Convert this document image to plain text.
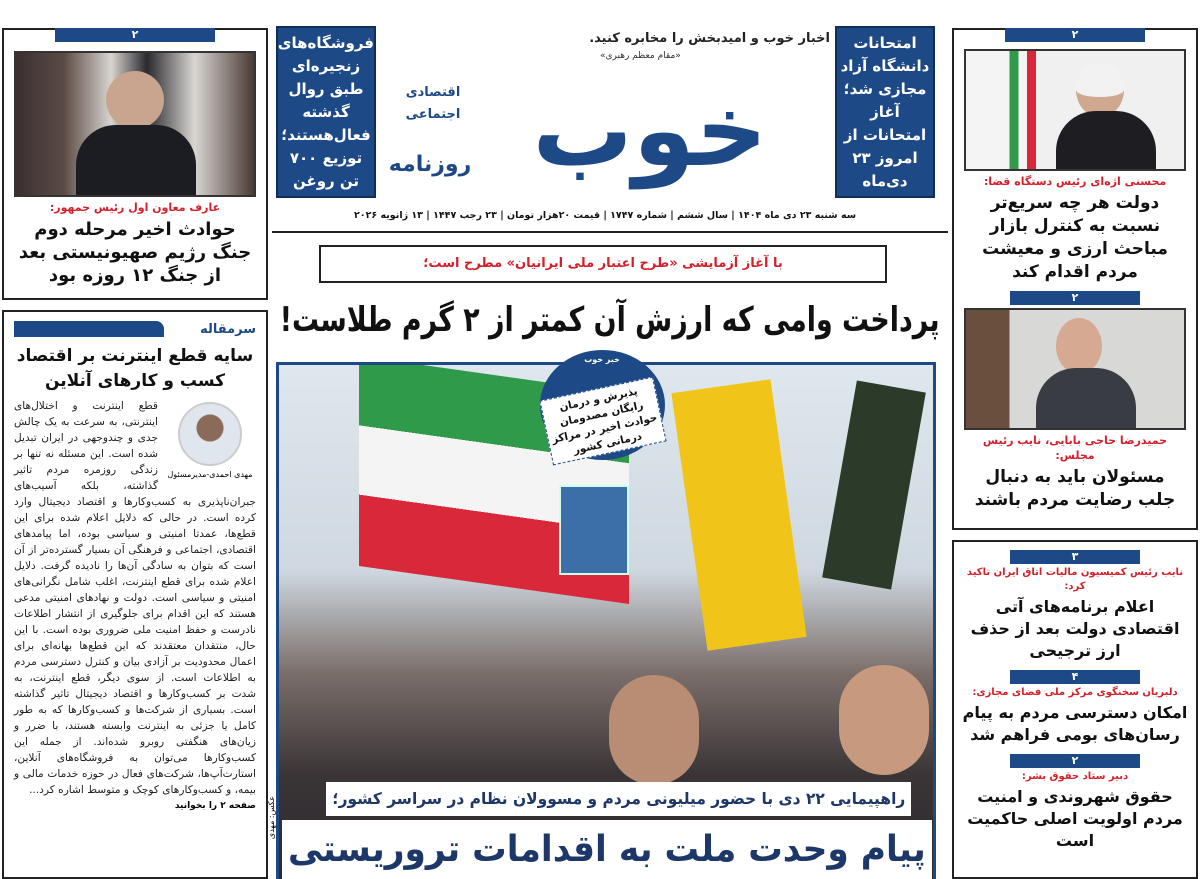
۲
عارف معاون اول رئیس جمهور:
حوادث اخیر مرحله دوم جنگ رژیم صهیونیستی بعد از جنگ ۱۲ روزه بود
سرمقاله
سایه قطع اینترنت بر اقتصاد کسب و کارهای آنلاین
مهدی احمدی-مدیرمسئول

قطع اینترنت و اختلال‌های اینترنتی، به سرعت به یک چالش جدی و چندوجهی در ایران تبدیل شده است. این مسئله نه تنها بر زندگی روزمره مردم تاثیر گذاشته، بلکه آسیب‌های جبران‌ناپذیری به کسب‌وکارها و اقتصاد دیجیتال وارد کرده است. در حالی که دلایل اعلام شده برای این قطع‌ها، عمدتا امنیتی و سیاسی بوده، اما پیامدهای اقتصادی، اجتماعی و فرهنگی آن بسیار گسترده‌تر از آن است که بتوان به سادگی آن‌ها را نادیده گرفت. دلایل اعلام شده برای قطع اینترنت، اغلب شامل نگرانی‌های امنیتی و سیاسی است. دولت و نهادهای امنیتی مدعی هستند که این اقدام برای جلوگیری از انتشار اطلاعات نادرست و حفظ امنیت ملی ضروری بوده است. با این حال، منتقدان معتقدند که این قطع‌ها بهانه‌ای برای اعمال محدودیت بر آزادی بیان و کنترل دسترسی مردم به اطلاعات است. از سوی دیگر، قطع اینترنت، به شدت بر کسب‌وکارها و اقتصاد دیجیتال تاثیر گذاشته است. بسیاری از شرکت‌ها و کسب‌وکارها که به طور کامل یا جزئی به اینترنت وابسته هستند، با ضرر و زیان‌های هنگفتی روبرو شده‌اند. از جمله این کسب‌وکارها می‌توان به فروشگاه‌های آنلاین، استارت‌آپ‌ها، شرکت‌های فعال در حوزه خدمات مالی و بیمه، و کسب‌وکارهای کوچک و متوسط اشاره کرد...

صفحه ۲ را بخوانید
فروشگاه‌های زنجیره‌ای طبق روال گذشته فعال‌هستند؛ توزیع ۷۰۰ تن روغن
امتحانات دانشگاه آزاد مجازی شد؛ آغاز امتحانات از امروز ۲۳ دی‌ماه
اخبار خوب و امیدبخش را مخابره کنید.
«مقام معظم رهبری»
خوب
اقتصادی
اجتماعی
روزنامه
سه شنبه ۲۳ دی ماه ۱۴۰۴ | سال ششم | شماره ۱۷۴۷ | قیمت ۲۰هزار تومان | ۲۳ رجب ۱۴۴۷ | ۱۳ ژانویه ۲۰۲۶
با آغاز آزمایشی «طرح اعتبار ملی ایرانیان» مطرح است؛
پرداخت وامی که ارزش آن کمتر از ۲ گرم طلاست!
خبر خوب
پذیرش و درمان رایگان مصدومان حوادث اخیر در مراکز درمانی کشور
راهپیمایی ۲۲ دی با حضور میلیونی مردم و مسوولان نظام در سراسر کشور؛
پیام وحدت ملت به اقدامات تروریستی
عکس: مهدی
۲
محسنی اژه‌ای رئیس دستگاه قضا:
دولت هر چه سریع‌تر نسبت به کنترل بازار مباحث ارزی و معیشت مردم اقدام کند
۲
حمیدرضا حاجی بابایی، نایب رئیس مجلس:
مسئولان باید به دنبال جلب رضایت مردم باشند
۳
نایب رئیس کمیسیون مالیات اتاق ایران تاکید کرد:
اعلام برنامه‌های آتی اقتصادی دولت بعد از حذف ارز ترجیحی
۴
دلبریان سخنگوی مرکز ملی فضای مجازی:
امکان دسترسی مردم به پیام رسان‌های بومی فراهم شد
۲
دبیر ستاد حقوق بشر:
حقوق شهروندی و امنیت مردم اولویت اصلی حاکمیت است
